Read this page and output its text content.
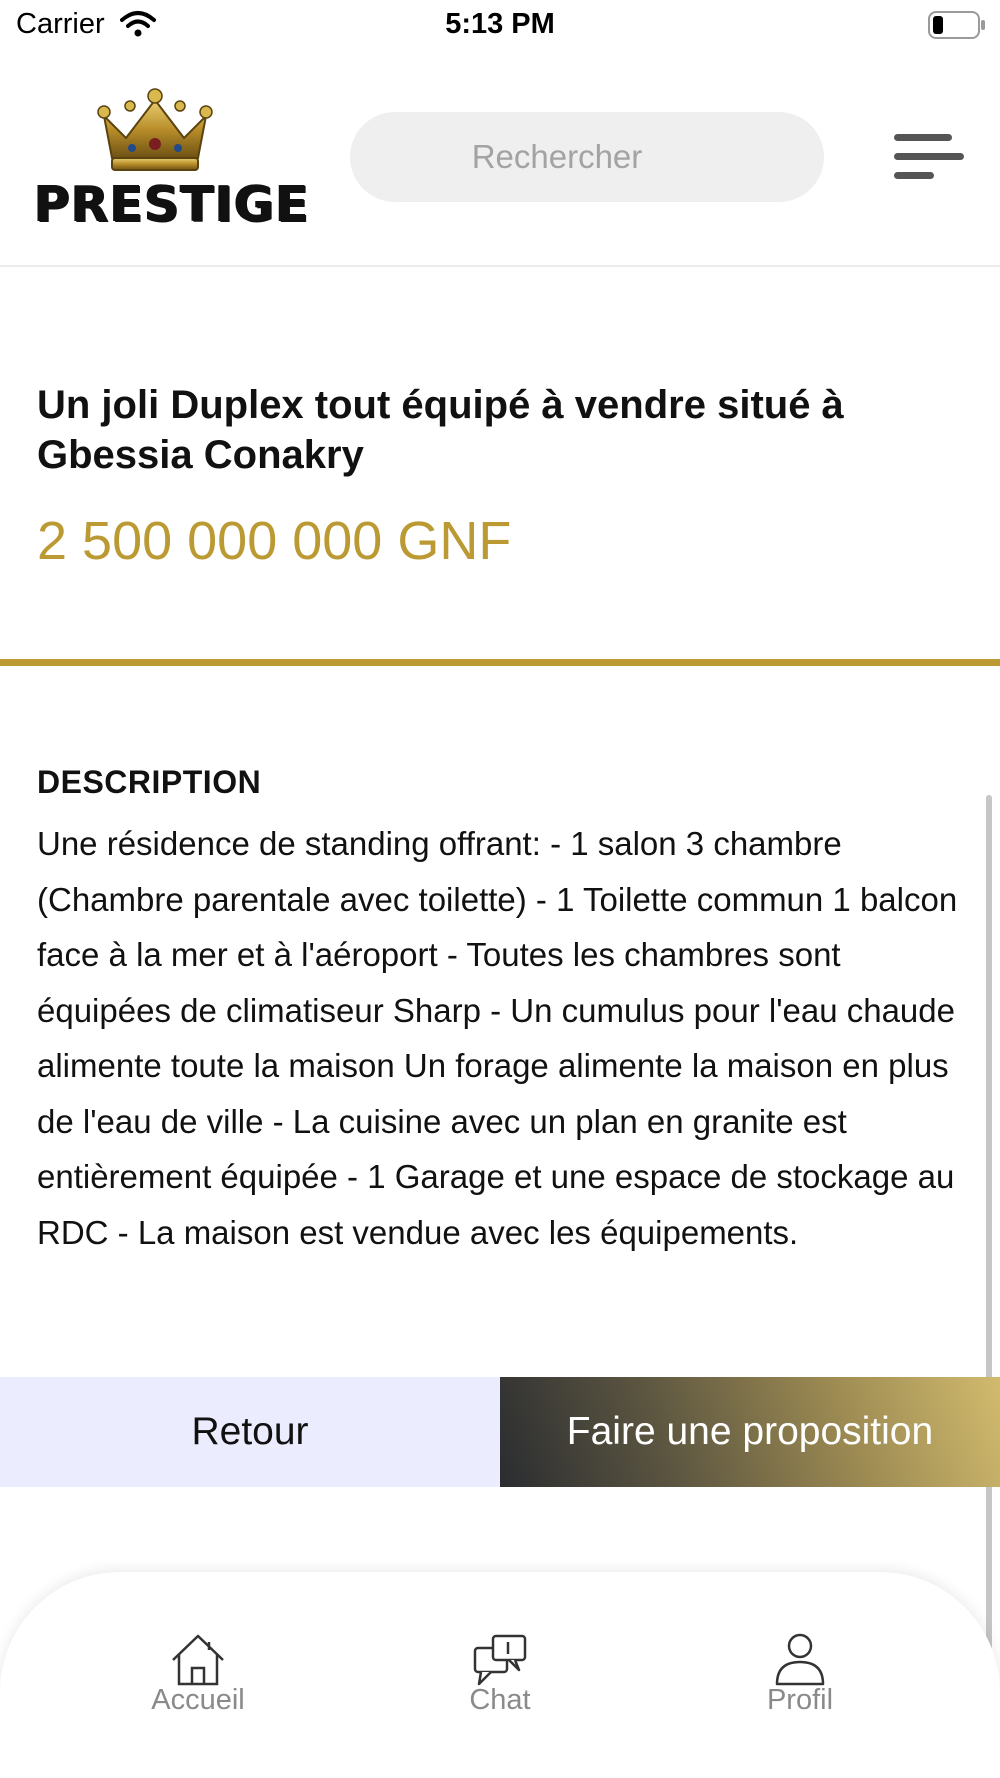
Carrier	5:13 PM
PRESTIGE
Rechercher
Un joli Duplex tout équipé à vendre situé à Gbessia Conakry
2 500 000 000 GNF
DESCRIPTION
Une résidence de standing offrant: - 1 salon 3 chambre (Chambre parentale avec toilette) - 1 Toilette commun 1 balcon face à la mer et à l'aéroport - Toutes les chambres sont équipées de climatiseur Sharp - Un cumulus pour l'eau chaude alimente toute la maison Un forage alimente la maison en plus de l'eau de ville - La cuisine avec un plan en granite est entièrement équipée - 1 Garage et une espace de stockage au RDC - La maison est vendue avec les équipements.
Retour	Faire une proposition
Accueil	Chat	Profil
